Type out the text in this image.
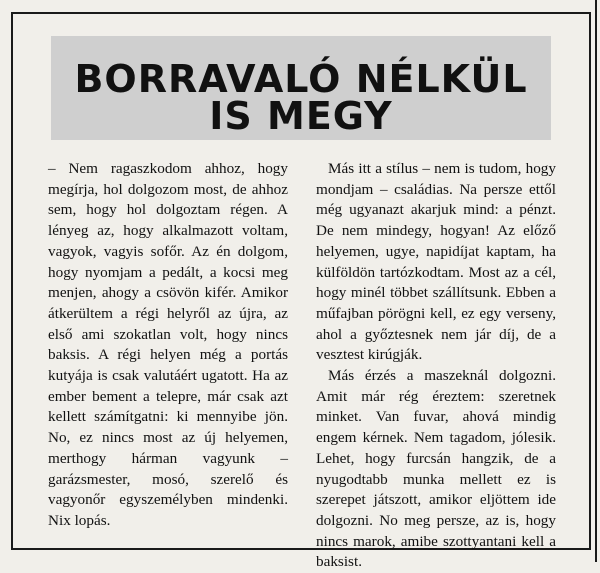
BORRAVALÓ NÉLKÜL
IS MEGY

– Nem ragaszkodom ahhoz, hogy megírja, hol dolgozom most, de ahhoz sem, hogy hol dolgoztam régen. A lényeg az, hogy alkalmazott voltam, vagyok, vagyis sofőr. Az én dolgom, hogy nyomjam a pedált, a kocsi meg menjen, ahogy a csövön kifér. Amikor átkerültem a régi helyről az újra, az első ami szokatlan volt, hogy nincs baksis. A régi helyen még a portás kutyája is csak valutáért ugatott. Ha az ember bement a telepre, már csak azt kellett számítgatni: ki mennyibe jön. No, ez nincs most az új helyemen, merthogy hárman vagyunk – garázsmester, mosó, szerelő és vagyonőr egyszemélyben mindenki. Nix lopás.

Más itt a stílus – nem is tudom, hogy mondjam – családias. Na persze ettől még ugyanazt akarjuk mind: a pénzt. De nem mindegy, hogyan! Az előző helyemen, ugye, napidíjat kaptam, ha külföldön tartózkodtam. Most az a cél, hogy minél többet szállítsunk. Ebben a műfajban pörögni kell, ez egy verseny, ahol a győztesnek nem jár díj, de a vesztest kirúgják.

Más érzés a maszeknál dolgozni. Amit már rég éreztem: szeretnek minket. Van fuvar, ahová mindig engem kérnek. Nem tagadom, jólesik. Lehet, hogy furcsán hangzik, de a nyugodtabb munka mellett ez is szerepet játszott, amikor eljöttem ide dolgozni. No meg persze, az is, hogy nincs marok, amibe szottyantani kell a baksist.
